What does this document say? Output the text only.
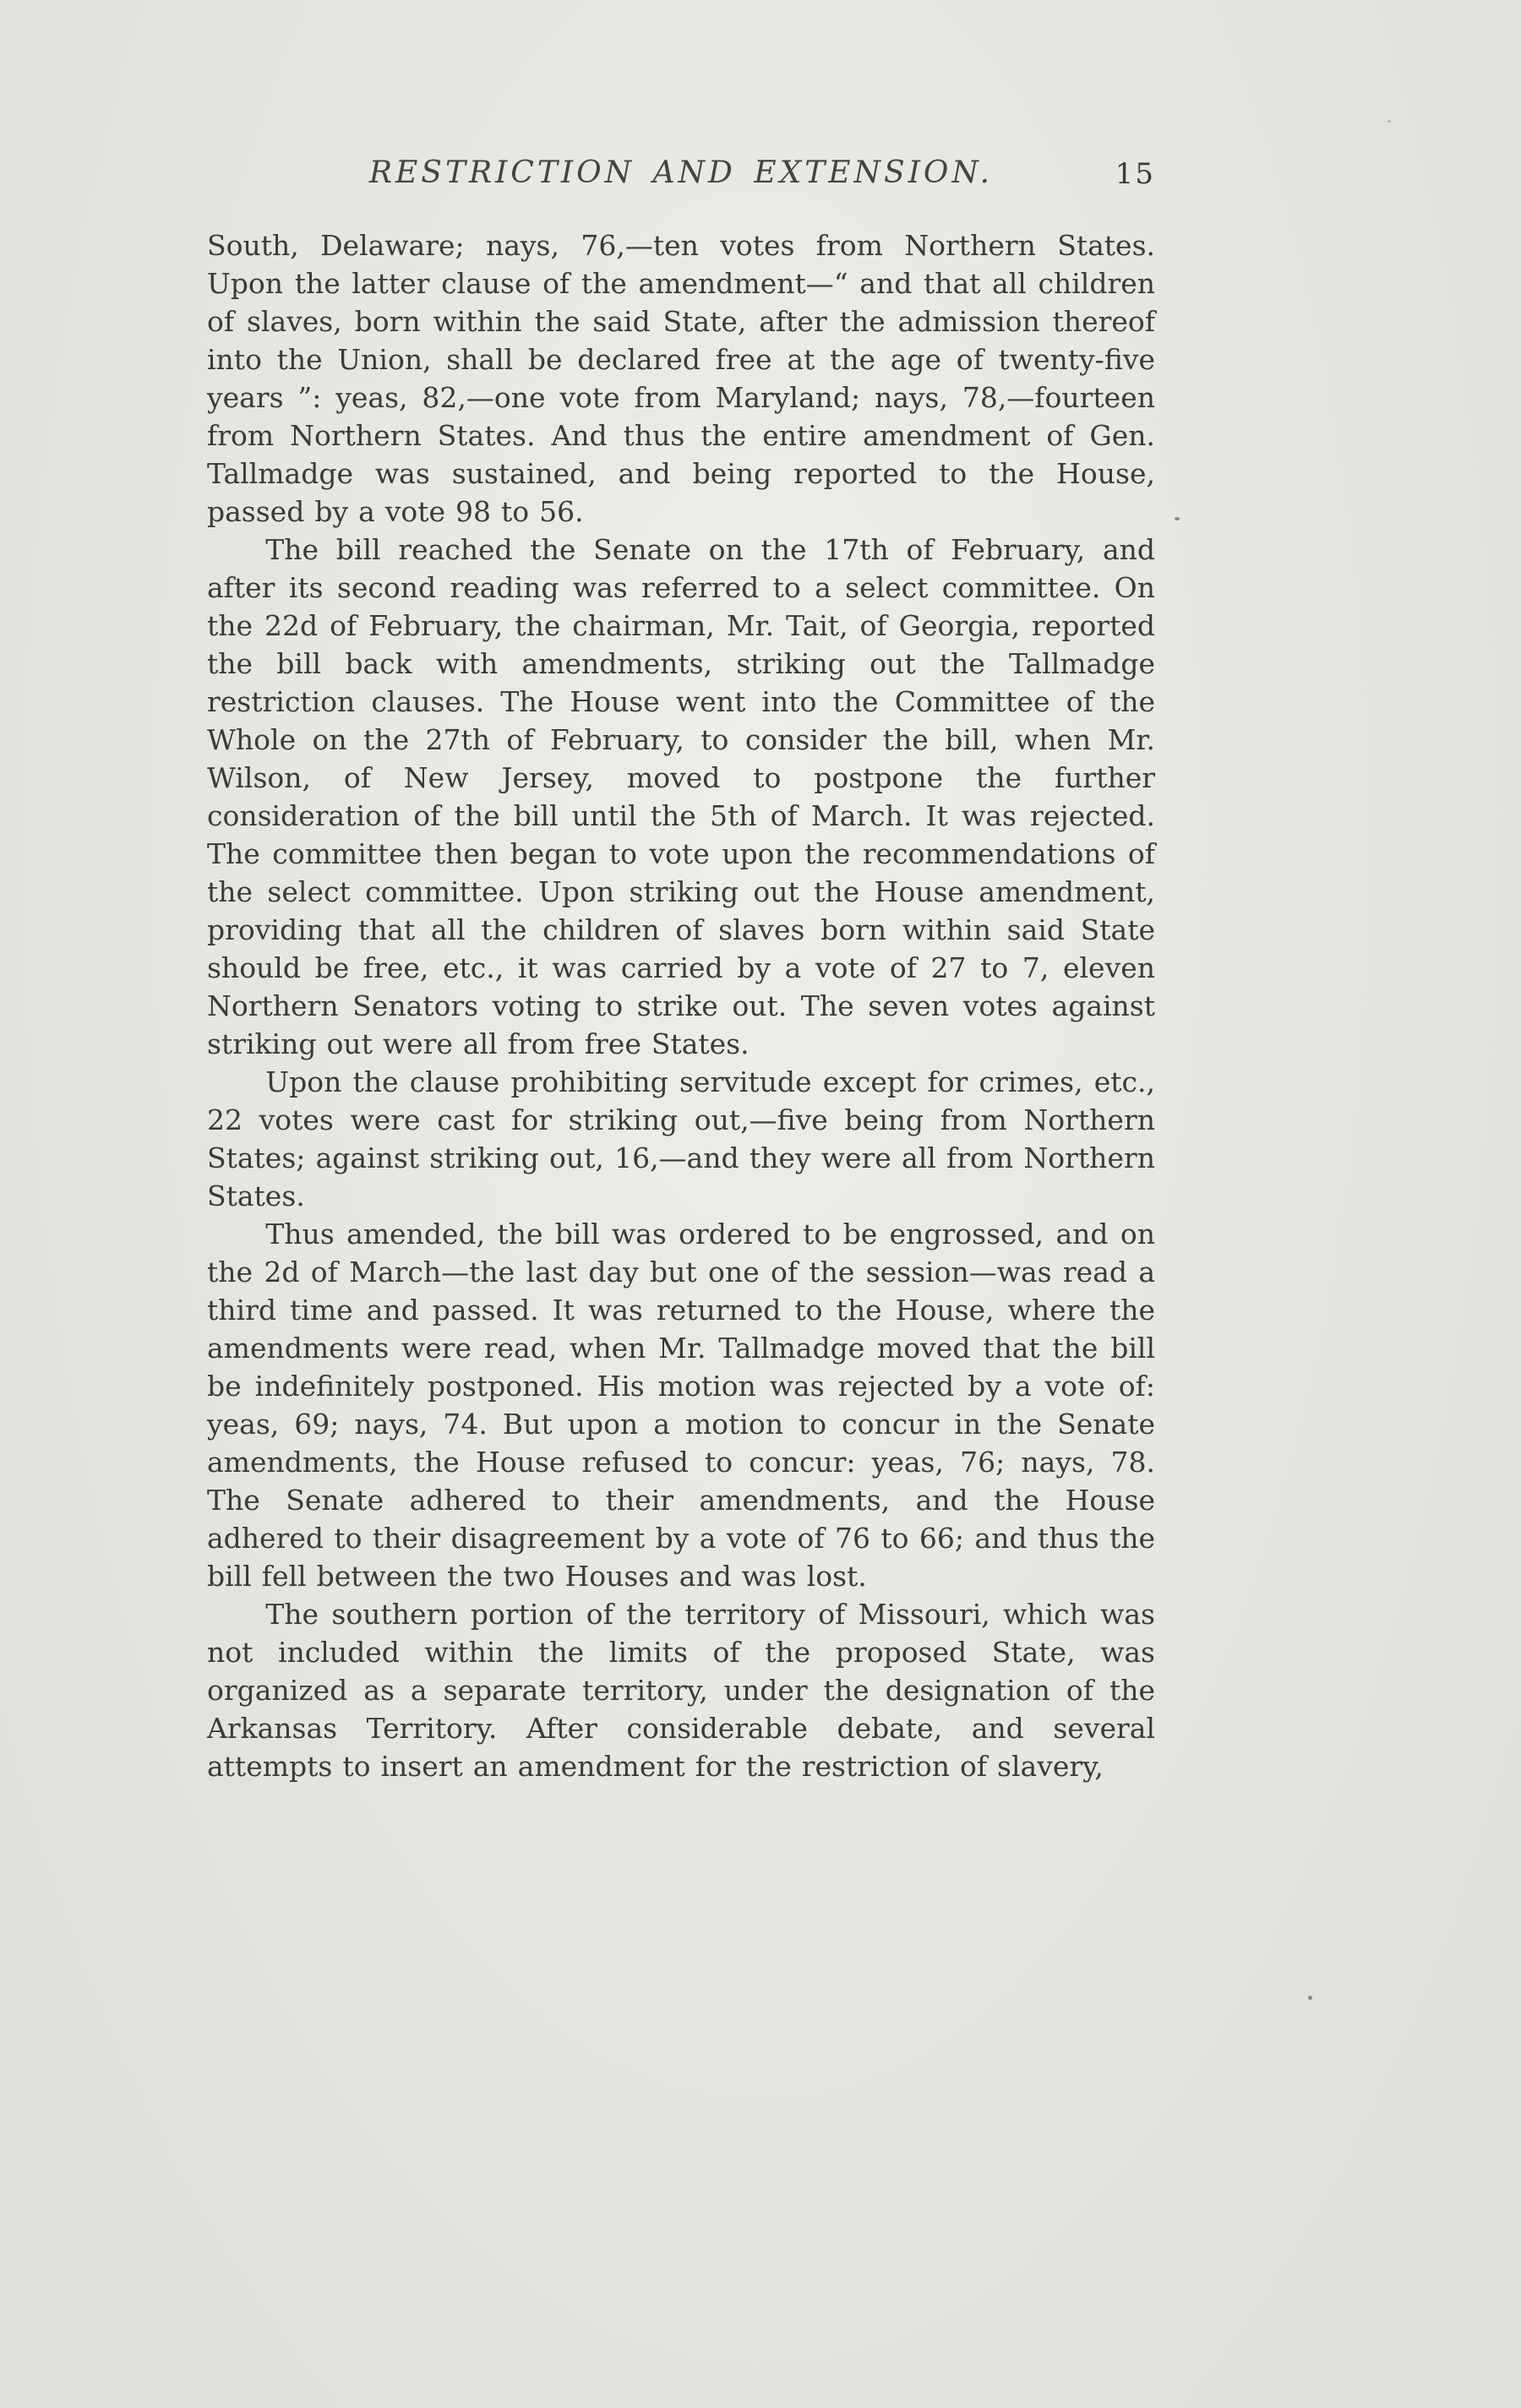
RESTRICTION AND EXTENSION.	15

South, Delaware; nays, 76,—ten votes from Northern States. Upon the latter clause of the amendment—“ and that all children of slaves, born within the said State, after the admission thereof into the Union, shall be declared free at the age of twenty-five years ”: yeas, 82,—one vote from Maryland; nays, 78,—fourteen from Northern States. And thus the entire amendment of Gen. Tallmadge was sustained, and being reported to the House, passed by a vote 98 to 56.

The bill reached the Senate on the 17th of February, and after its second reading was referred to a select committee. On the 22d of February, the chairman, Mr. Tait, of Georgia, reported the bill back with amendments, striking out the Tallmadge restriction clauses. The House went into the Committee of the Whole on the 27th of February, to consider the bill, when Mr. Wilson, of New Jersey, moved to postpone the further consideration of the bill until the 5th of March. It was rejected. The committee then began to vote upon the recommendations of the select committee. Upon striking out the House amendment, providing that all the children of slaves born within said State should be free, etc., it was carried by a vote of 27 to 7, eleven Northern Senators voting to strike out. The seven votes against striking out were all from free States.

Upon the clause prohibiting servitude except for crimes, etc., 22 votes were cast for striking out,—five being from Northern States; against striking out, 16,—and they were all from Northern States.

Thus amended, the bill was ordered to be engrossed, and on the 2d of March—the last day but one of the session—was read a third time and passed. It was returned to the House, where the amendments were read, when Mr. Tallmadge moved that the bill be indefinitely postponed. His motion was rejected by a vote of: yeas, 69; nays, 74. But upon a motion to concur in the Senate amendments, the House refused to concur: yeas, 76; nays, 78. The Senate adhered to their amendments, and the House adhered to their disagreement by a vote of 76 to 66; and thus the bill fell between the two Houses and was lost.

The southern portion of the territory of Missouri, which was not included within the limits of the proposed State, was organized as a separate territory, under the designation of the Arkansas Territory. After considerable debate, and several attempts to insert an amendment for the restriction of slavery,
